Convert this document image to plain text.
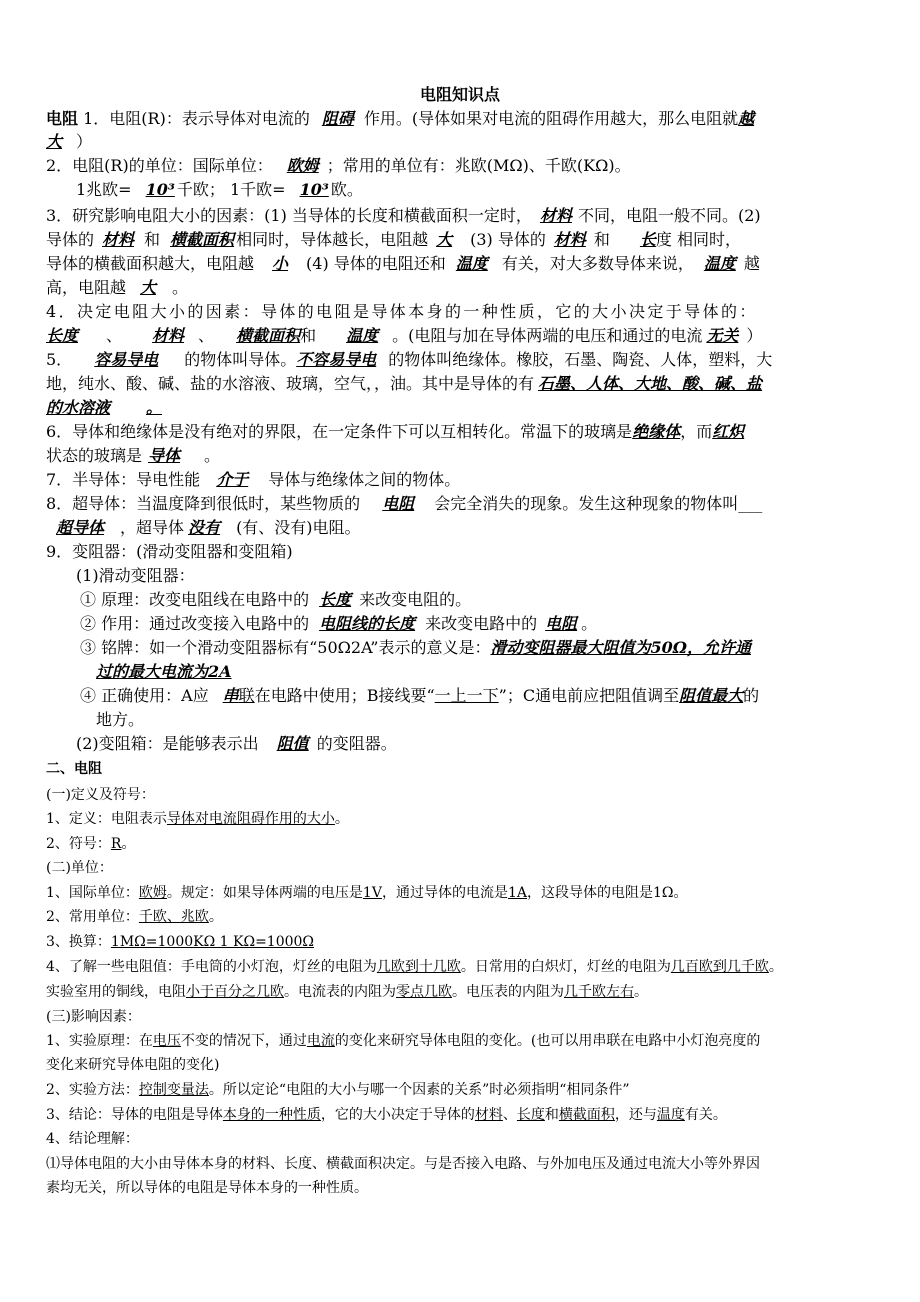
电阻知识点
电阻 1．电阻(R)：表示导体对电流的 阻碍 作用。(导体如果对电流的阻碍作用越大，那么电阻就越
大 ）
2．电阻(R)的单位：国际单位： 欧姆 ；常用的单位有：兆欧(MΩ)、千欧(KΩ)。
1兆欧= 10³ 千欧； 1千欧= 10³ 欧。
3．研究影响电阻大小的因素：(1) 当导体的长度和横截面积一定时， 材料 不同，电阻一般不同。(2)
导体的 材料 和 横截面积 相同时，导体越长，电阻越 大 (3) 导体的 材料 和 长度 相同时，
导体的横截面积越大，电阻越 小 (4) 导体的电阻还和 温度 有关，对大多数导体来说， 温度 越
高，电阻越 大 。
4．决定电阻大小的因素：导体的电阻是导体本身的一种性质，它的大小决定于导体的：
长度 、 材料 、 横截面积和 温度 。(电阻与加在导体两端的电压和通过的电流 无关 ）
5． 容易导电 的物体叫导体。不容易导电 的物体叫绝缘体。橡胶，石墨、陶瓷、人体，塑料，大
地，纯水、酸、碱、盐的水溶液、玻璃，空气，，油。其中是导体的有 石墨、人体、大地、酸、碱、盐
的水溶液 。
6．导体和绝缘体是没有绝对的界限，在一定条件下可以互相转化。常温下的玻璃是绝缘体，而红炽
状态的玻璃是 导体 。
7．半导体：导电性能 介于 导体与绝缘体之间的物体。
8．超导体：当温度降到很低时，某些物质的 电阻 会完全消失的现象。发生这种现象的物体叫___
超导体 ，超导体 没有 (有、没有)电阻。
9．变阻器：(滑动变阻器和变阻箱)
(1)滑动变阻器：
① 原理：改变电阻线在电路中的 长度 来改变电阻的。
② 作用：通过改变接入电路中的 电阻线的长度 来改变电路中的 电阻 。
③ 铭牌：如一个滑动变阻器标有“50Ω2A”表示的意义是：滑动变阻器最大阻值为50Ω，允许通
过的最大电流为2A
④ 正确使用：A应 串联在电路中使用；B接线要“一上一下”；C通电前应把阻值调至阻值最大的
地方。
(2)变阻箱：是能够表示出 阻值 的变阻器。
二、电阻
(一)定义及符号：
1、定义：电阻表示导体对电流阻碍作用的大小。
2、符号：R。
(二)单位：
1、国际单位：欧姆。规定：如果导体两端的电压是1V，通过导体的电流是1A，这段导体的电阻是1Ω。
2、常用单位：千欧、兆欧。
3、换算：1MΩ=1000KΩ 1 KΩ=1000Ω
4、了解一些电阻值：手电筒的小灯泡，灯丝的电阻为几欧到十几欧。日常用的白炽灯，灯丝的电阻为几百欧到几千欧。
实验室用的铜线，电阻小于百分之几欧。电流表的内阻为零点几欧。电压表的内阻为几千欧左右。
(三)影响因素：
1、实验原理：在电压不变的情况下，通过电流的变化来研究导体电阻的变化。(也可以用串联在电路中小灯泡亮度的
变化来研究导体电阻的变化)
2、实验方法：控制变量法。所以定论“电阻的大小与哪一个因素的关系”时必须指明“相同条件”
3、结论：导体的电阻是导体本身的一种性质，它的大小决定于导体的材料、长度和横截面积，还与温度有关。
4、结论理解：
⑴导体电阻的大小由导体本身的材料、长度、横截面积决定。与是否接入电路、与外加电压及通过电流大小等外界因
素均无关，所以导体的电阻是导体本身的一种性质。
